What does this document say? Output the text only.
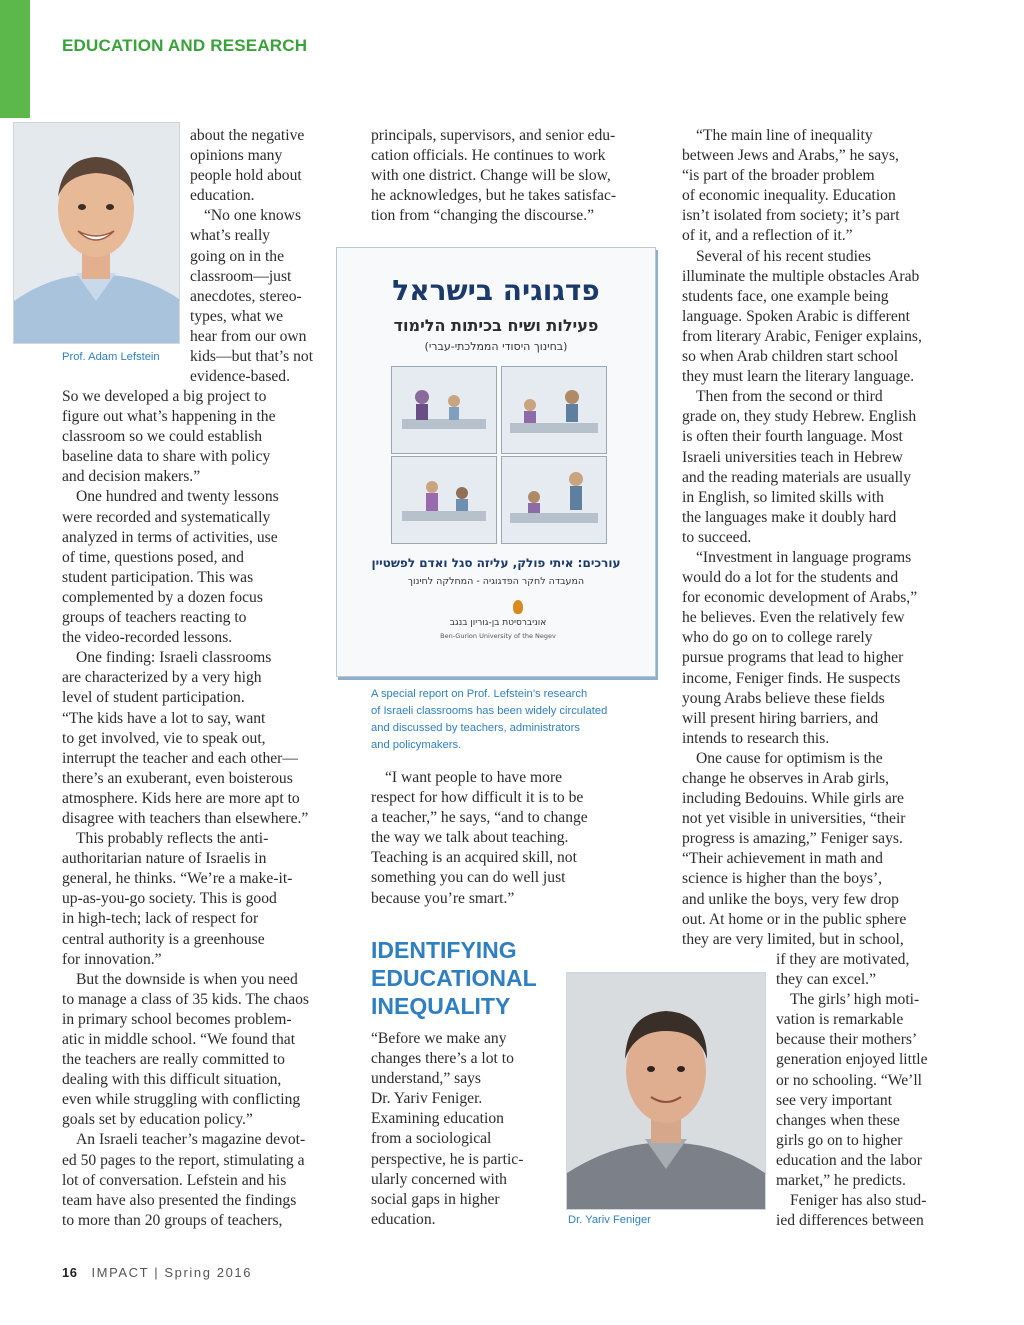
EDUCATION AND RESEARCH
Prof. Adam Lefstein

about the negative

opinions many

people hold about

education.

“No one knows

what’s really

going on in the

classroom—just

anecdotes, stereo-

types, what we

hear from our own

kids—but that’s not

evidence-based.

So we developed a big project to

figure out what’s happening in the

classroom so we could establish

baseline data to share with policy

and decision makers.”

One hundred and twenty lessons

were recorded and systematically

analyzed in terms of activities, use

of time, questions posed, and

student participation. This was

complemented by a dozen focus

groups of teachers reacting to

the video-recorded lessons.

One finding: Israeli classrooms

are characterized by a very high

level of student participation.

“The kids have a lot to say, want

to get involved, vie to speak out,

interrupt the teacher and each other—

there’s an exuberant, even boisterous

atmosphere. Kids here are more apt to

disagree with teachers than elsewhere.”

This probably reflects the anti-

authoritarian nature of Israelis in

general, he thinks. “We’re a make-it-

up-as-you-go society. This is good

in high-tech; lack of respect for

central authority is a greenhouse

for innovation.”

But the downside is when you need

to manage a class of 35 kids. The chaos

in primary school becomes problem-

atic in middle school. “We found that

the teachers are really committed to

dealing with this difficult situation,

even while struggling with conflicting

goals set by education policy.”

An Israeli teacher’s magazine devot-

ed 50 pages to the report, stimulating a

lot of conversation. Lefstein and his

team have also presented the findings

to more than 20 groups of teachers,

principals, supervisors, and senior edu-

cation officials. He continues to work

with one district. Change will be slow,

he acknowledges, but he takes satisfac-

tion from “changing the discourse.”

פדגוגיה בישראל
פעילות ושיח בכיתות הלימוד
(בחינוך היסודי הממלכתי-עברי)
עורכים: איתי פולק, עליזה סגל ואדם לפשטיין
המעבדה לחקר הפדגוגיה - המחלקה לחינוך
אוניברסיטת בן-גוריון בנגב
Ben-Gurion University of the Negev
A special report on Prof. Lefstein’s research
of Israeli classrooms has been widely circulated
and discussed by teachers, administrators
and policymakers.

“I want people to have more

respect for how difficult it is to be

a teacher,” he says, “and to change

the way we talk about teaching.

Teaching is an acquired skill, not

something you can do well just

because you’re smart.”

IDENTIFYING
EDUCATIONAL
INEQUALITY

“Before we make any

changes there’s a lot to

understand,” says

Dr. Yariv Feniger.

Examining education

from a sociological

perspective, he is partic-

ularly concerned with

social gaps in higher

education.	Dr. Yariv Feniger

“The main line of inequality

between Jews and Arabs,” he says,

“is part of the broader problem

of economic inequality. Education

isn’t isolated from society; it’s part

of it, and a reflection of it.”

Several of his recent studies

illuminate the multiple obstacles Arab

students face, one example being

language. Spoken Arabic is different

from literary Arabic, Feniger explains,

so when Arab children start school

they must learn the literary language.

Then from the second or third

grade on, they study Hebrew. English

is often their fourth language. Most

Israeli universities teach in Hebrew

and the reading materials are usually

in English, so limited skills with

the languages make it doubly hard

to succeed.

“Investment in language programs

would do a lot for the students and

for economic development of Arabs,”

he believes. Even the relatively few

who do go on to college rarely

pursue programs that lead to higher

income, Feniger finds. He suspects

young Arabs believe these fields

will present hiring barriers, and

intends to research this.

One cause for optimism is the

change he observes in Arab girls,

including Bedouins. While girls are

not yet visible in universities, “their

progress is amazing,” Feniger says.

“Their achievement in math and

science is higher than the boys’,

and unlike the boys, very few drop

out. At home or in the public sphere

they are very limited, but in school,

if they are motivated,

they can excel.”

The girls’ high moti-

vation is remarkable

because their mothers’

generation enjoyed little

or no schooling. “We’ll

see very important

changes when these

girls go on to higher

education and the labor

market,” he predicts.

Feniger has also stud-

ied differences between

16 IMPACT | Spring 2016
